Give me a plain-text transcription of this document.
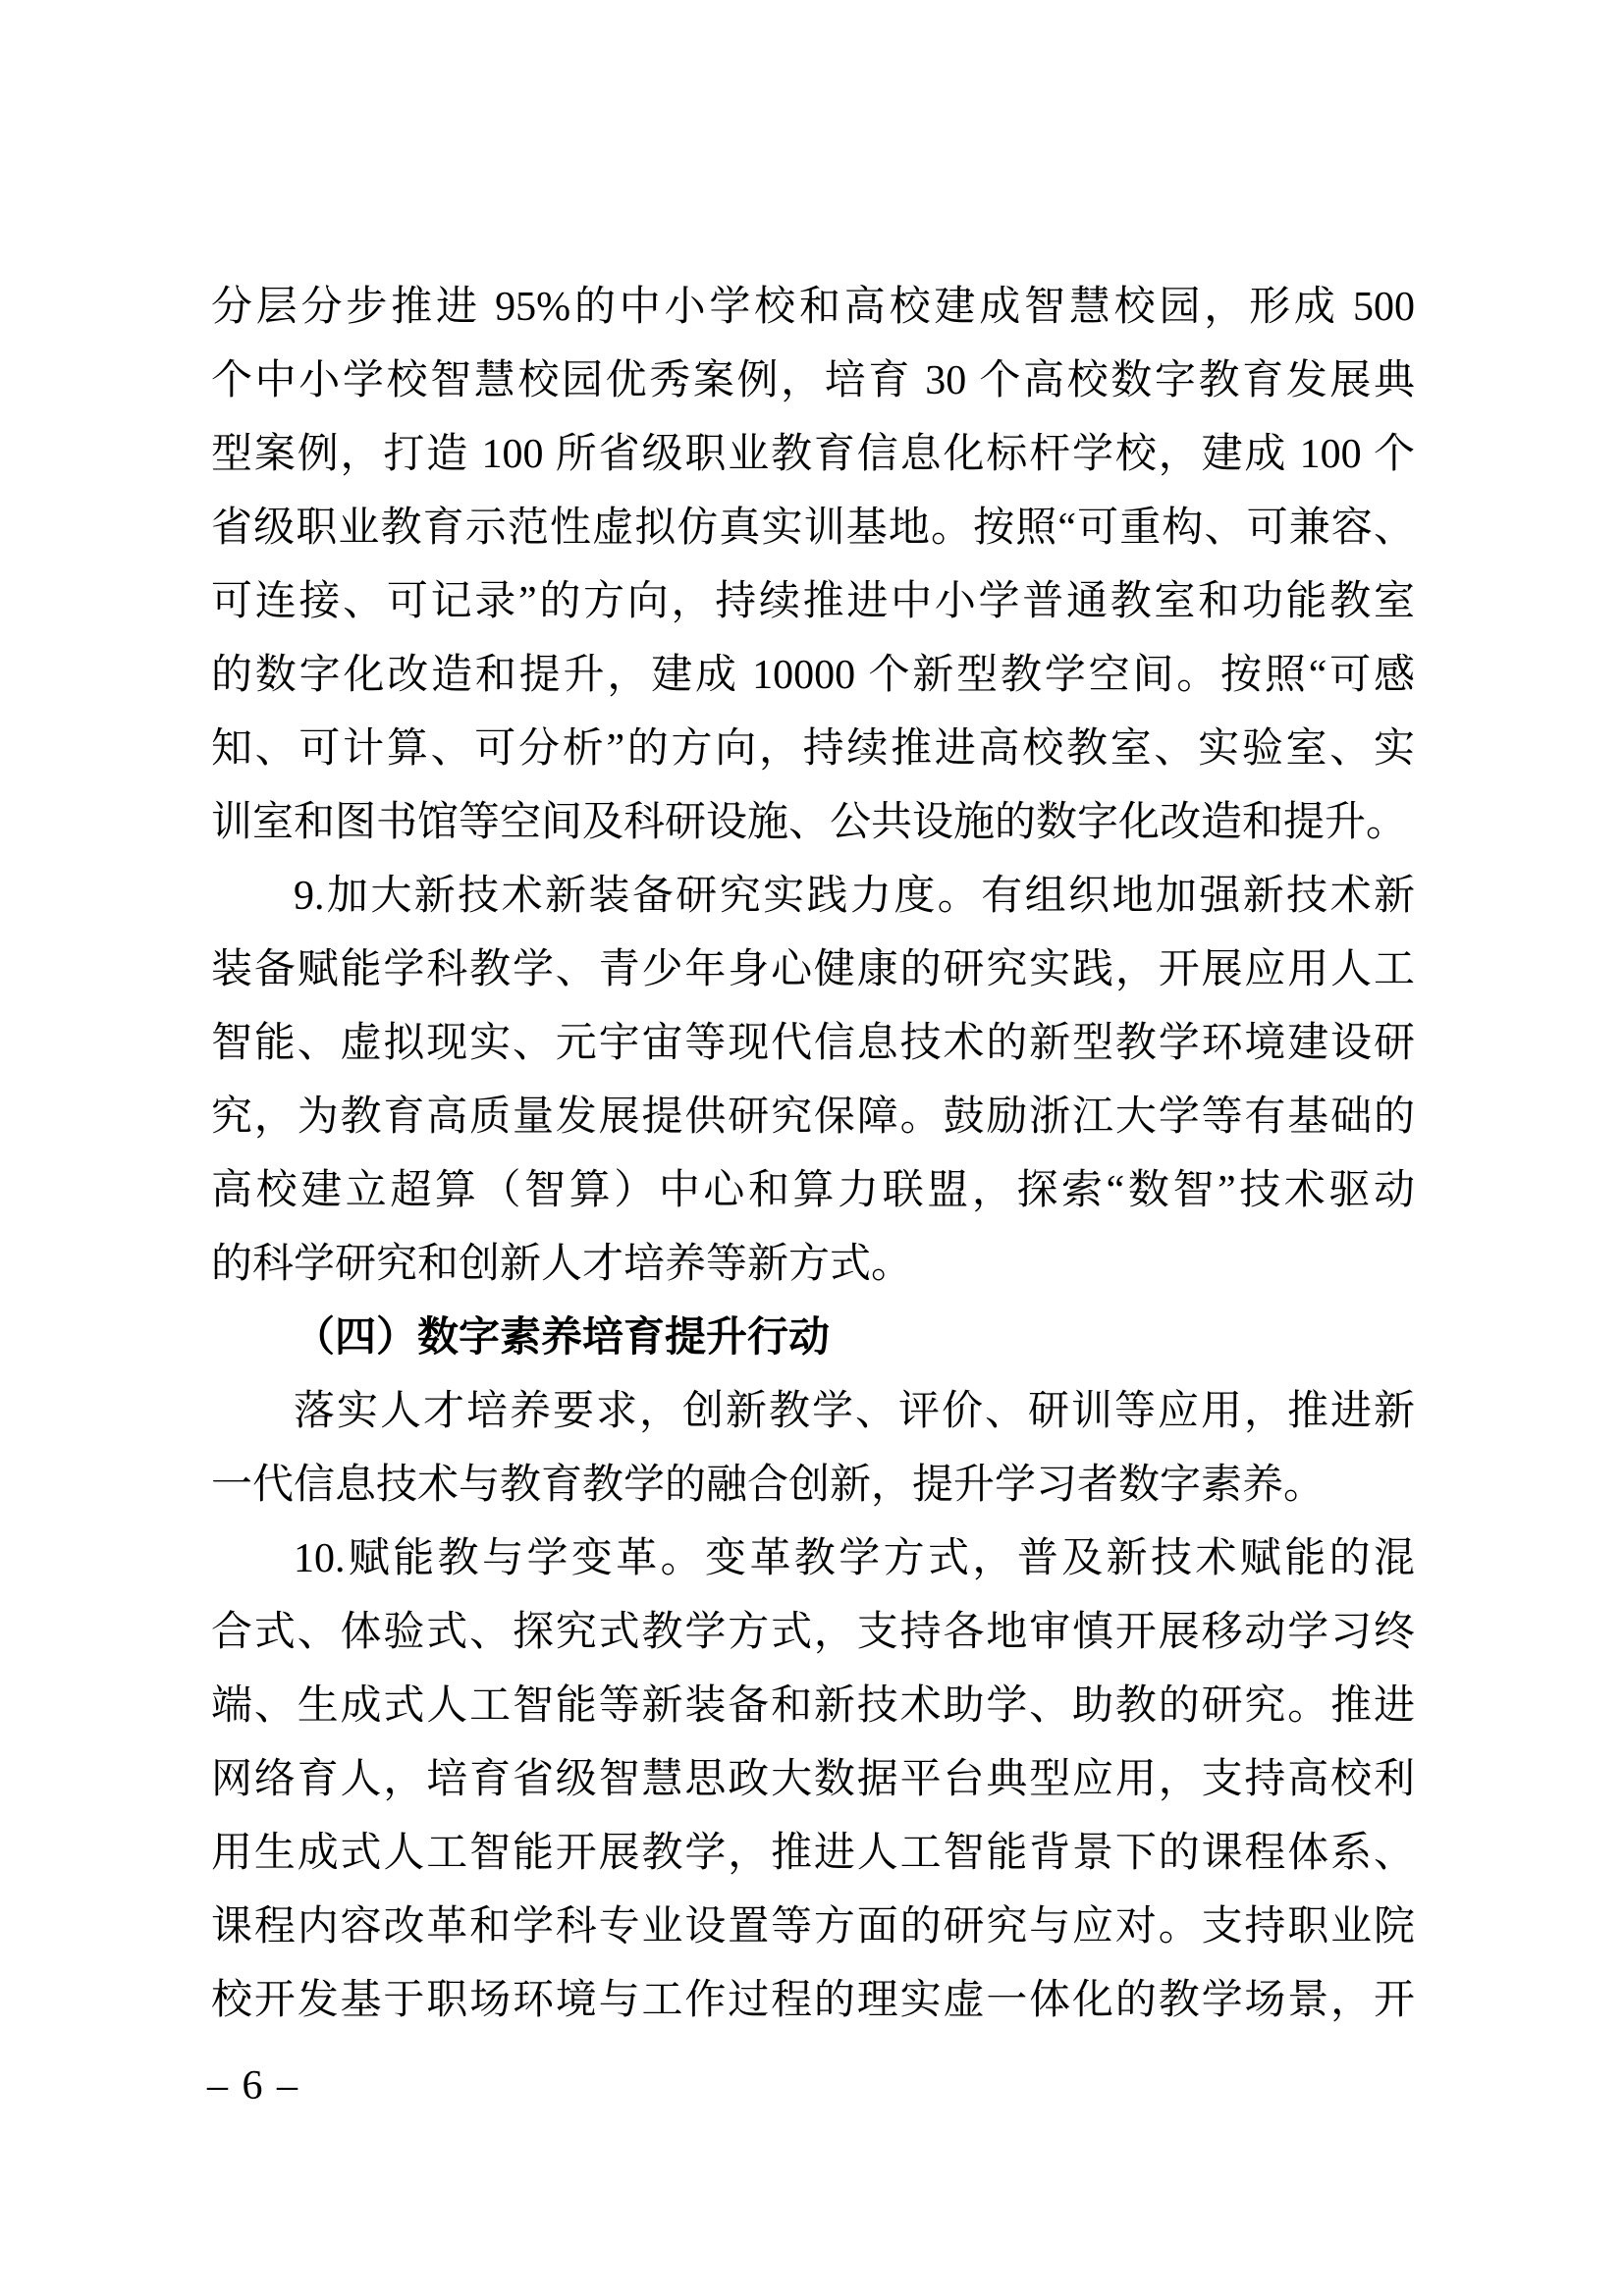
分层分步推进 95%的中小学校和高校建成智慧校园，形成 500
个中小学校智慧校园优秀案例，培育 30 个高校数字教育发展典
型案例，打造 100 所省级职业教育信息化标杆学校，建成 100 个
省级职业教育示范性虚拟仿真实训基地。按照“可重构、可兼容、
可连接、可记录”的方向，持续推进中小学普通教室和功能教室
的数字化改造和提升，建成 10000 个新型教学空间。按照“可感
知、可计算、可分析”的方向，持续推进高校教室、实验室、实
训室和图书馆等空间及科研设施、公共设施的数字化改造和提升。
9.加大新技术新装备研究实践力度。有组织地加强新技术新
装备赋能学科教学、青少年身心健康的研究实践，开展应用人工
智能、虚拟现实、元宇宙等现代信息技术的新型教学环境建设研
究，为教育高质量发展提供研究保障。鼓励浙江大学等有基础的
高校建立超算（智算）中心和算力联盟，探索“数智”技术驱动
的科学研究和创新人才培养等新方式。
（四）数字素养培育提升行动
落实人才培养要求，创新教学、评价、研训等应用，推进新
一代信息技术与教育教学的融合创新，提升学习者数字素养。
10.赋能教与学变革。变革教学方式，普及新技术赋能的混
合式、体验式、探究式教学方式，支持各地审慎开展移动学习终
端、生成式人工智能等新装备和新技术助学、助教的研究。推进
网络育人，培育省级智慧思政大数据平台典型应用，支持高校利
用生成式人工智能开展教学，推进人工智能背景下的课程体系、
课程内容改革和学科专业设置等方面的研究与应对。支持职业院
校开发基于职场环境与工作过程的理实虚一体化的教学场景，开
– 6 –
